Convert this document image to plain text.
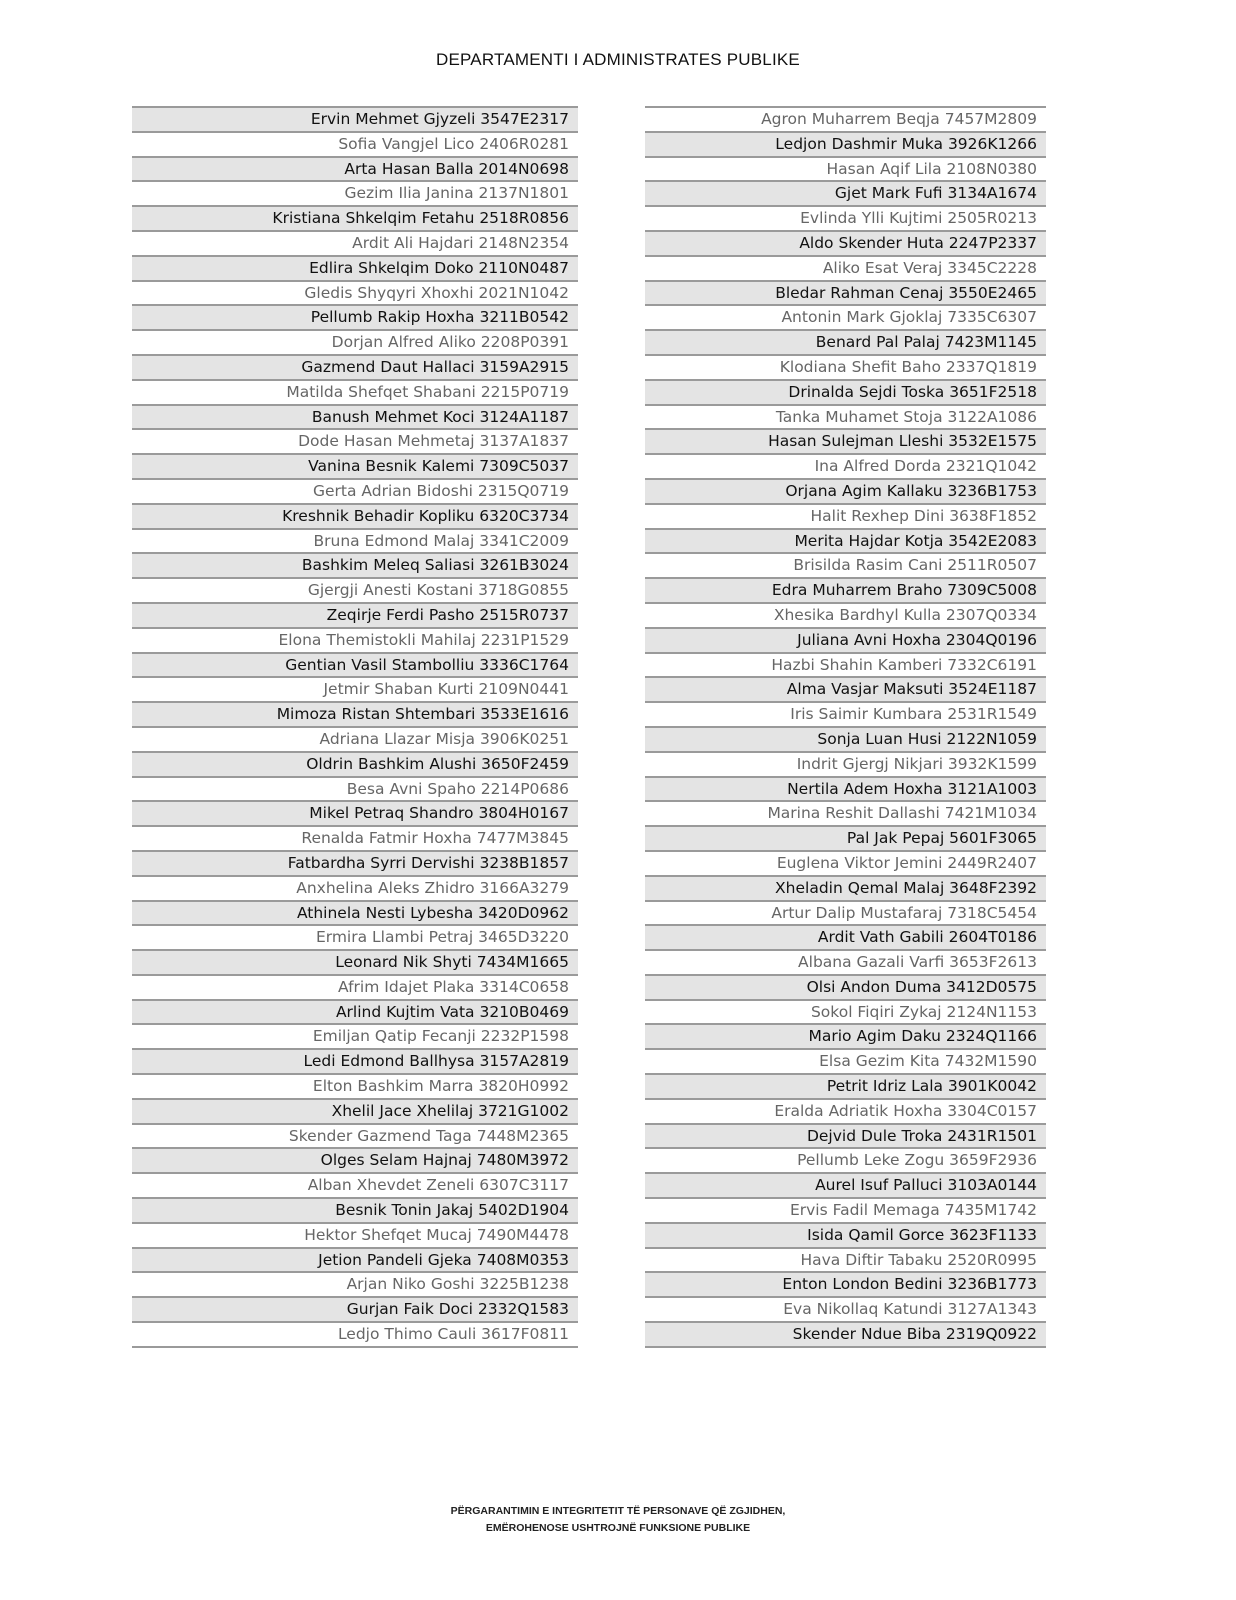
DEPARTAMENTI I ADMINISTRATES PUBLIKE
Ervin Mehmet Gjyzeli 3547E2317
Sofia Vangjel Lico 2406R0281
Arta Hasan Balla 2014N0698
Gezim Ilia Janina 2137N1801
Kristiana Shkelqim Fetahu 2518R0856
Ardit Ali Hajdari 2148N2354
Edlira Shkelqim Doko 2110N0487
Gledis Shyqyri Xhoxhi 2021N1042
Pellumb Rakip Hoxha 3211B0542
Dorjan Alfred Aliko 2208P0391
Gazmend Daut Hallaci 3159A2915
Matilda Shefqet Shabani 2215P0719
Banush Mehmet Koci 3124A1187
Dode Hasan Mehmetaj 3137A1837
Vanina Besnik Kalemi 7309C5037
Gerta Adrian Bidoshi 2315Q0719
Kreshnik Behadir Kopliku 6320C3734
Bruna Edmond Malaj 3341C2009
Bashkim Meleq Saliasi 3261B3024
Gjergji Anesti Kostani 3718G0855
Zeqirje Ferdi Pasho 2515R0737
Elona Themistokli Mahilaj 2231P1529
Gentian Vasil Stambolliu 3336C1764
Jetmir Shaban Kurti 2109N0441
Mimoza Ristan Shtembari 3533E1616
Adriana Llazar Misja 3906K0251
Oldrin Bashkim Alushi 3650F2459
Besa Avni Spaho 2214P0686
Mikel Petraq Shandro 3804H0167
Renalda Fatmir Hoxha 7477M3845
Fatbardha Syrri Dervishi 3238B1857
Anxhelina Aleks Zhidro 3166A3279
Athinela Nesti Lybesha 3420D0962
Ermira Llambi Petraj 3465D3220
Leonard Nik Shyti 7434M1665
Afrim Idajet Plaka 3314C0658
Arlind Kujtim Vata 3210B0469
Emiljan Qatip Fecanji 2232P1598
Ledi Edmond Ballhysa 3157A2819
Elton Bashkim Marra 3820H0992
Xhelil Jace Xhelilaj 3721G1002
Skender Gazmend Taga 7448M2365
Olges Selam Hajnaj 7480M3972
Alban Xhevdet Zeneli 6307C3117
Besnik Tonin Jakaj 5402D1904
Hektor Shefqet Mucaj 7490M4478
Jetion Pandeli Gjeka 7408M0353
Arjan Niko Goshi 3225B1238
Gurjan Faik Doci 2332Q1583
Ledjo Thimo Cauli 3617F0811
Agron Muharrem Beqja 7457M2809
Ledjon Dashmir Muka 3926K1266
Hasan Aqif Lila 2108N0380
Gjet Mark Fufi 3134A1674
Evlinda Ylli Kujtimi 2505R0213
Aldo Skender Huta 2247P2337
Aliko Esat Veraj 3345C2228
Bledar Rahman Cenaj 3550E2465
Antonin Mark Gjoklaj 7335C6307
Benard Pal Palaj 7423M1145
Klodiana Shefit Baho 2337Q1819
Drinalda Sejdi Toska 3651F2518
Tanka Muhamet Stoja 3122A1086
Hasan Sulejman Lleshi 3532E1575
Ina Alfred Dorda 2321Q1042
Orjana Agim Kallaku 3236B1753
Halit Rexhep Dini 3638F1852
Merita Hajdar Kotja 3542E2083
Brisilda Rasim Cani 2511R0507
Edra Muharrem Braho 7309C5008
Xhesika Bardhyl Kulla 2307Q0334
Juliana Avni Hoxha 2304Q0196
Hazbi Shahin Kamberi 7332C6191
Alma Vasjar Maksuti 3524E1187
Iris Saimir Kumbara 2531R1549
Sonja Luan Husi 2122N1059
Indrit Gjergj Nikjari 3932K1599
Nertila Adem Hoxha 3121A1003
Marina Reshit Dallashi 7421M1034
Pal Jak Pepaj 5601F3065
Euglena Viktor Jemini 2449R2407
Xheladin Qemal Malaj 3648F2392
Artur Dalip Mustafaraj 7318C5454
Ardit Vath Gabili 2604T0186
Albana Gazali Varfi 3653F2613
Olsi Andon Duma 3412D0575
Sokol Fiqiri Zykaj 2124N1153
Mario Agim Daku 2324Q1166
Elsa Gezim Kita 7432M1590
Petrit Idriz Lala 3901K0042
Eralda Adriatik Hoxha 3304C0157
Dejvid Dule Troka 2431R1501
Pellumb Leke Zogu 3659F2936
Aurel Isuf Palluci 3103A0144
Ervis Fadil Memaga 7435M1742
Isida Qamil Gorce 3623F1133
Hava Diftir Tabaku 2520R0995
Enton London Bedini 3236B1773
Eva Nikollaq Katundi 3127A1343
Skender Ndue Biba 2319Q0922
PËRGARANTIMIN E INTEGRITETIT TË PERSONAVE QË ZGJIDHEN,
EMËROHENOSE USHTROJNË FUNKSIONE PUBLIKE
